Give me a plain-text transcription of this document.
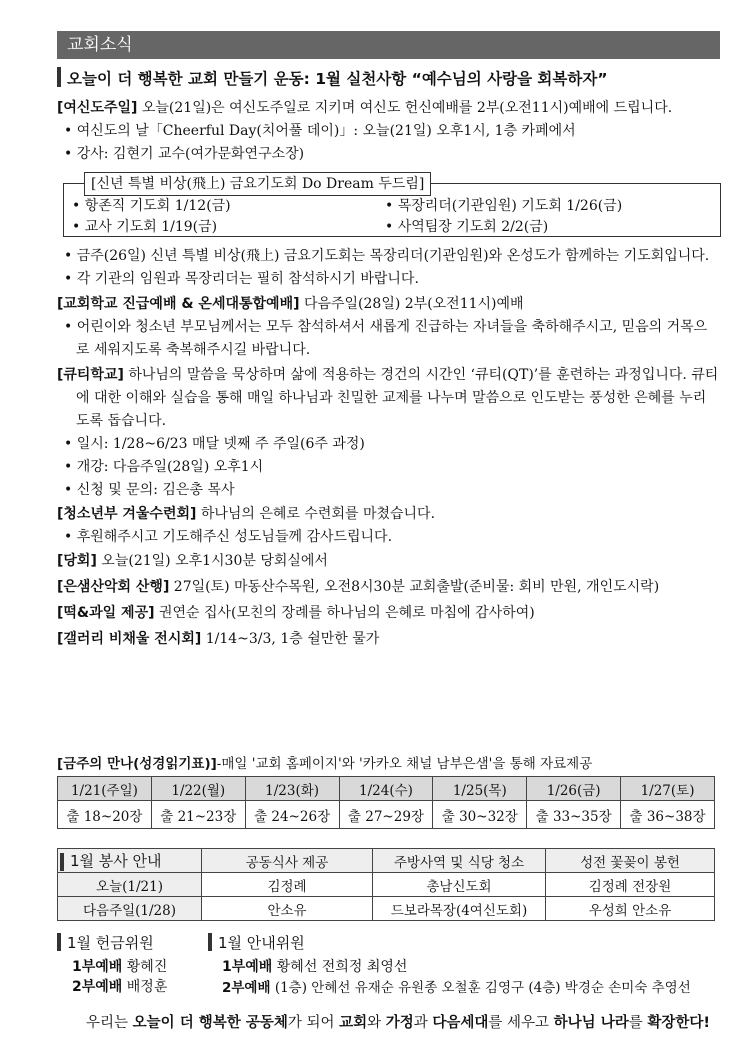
교회소식
오늘이 더 행복한 교회 만들기 운동: 1월 실천사항 “예수님의 사랑을 회복하자”
[여신도주일] 오늘(21일)은 여신도주일로 지키며 여신도 헌신예배를 2부(오전11시)예배에 드립니다.
• 여신도의 날「Cheerful Day(치어풀 데이)」: 오늘(21일) 오후1시, 1층 카페에서
• 강사: 김현기 교수(여가문화연구소장)
[신년 특별 비상(飛上) 금요기도회 Do Dream 두드림]
• 항존직 기도회 1/12(금)	• 목장리더(기관임원) 기도회 1/26(금)
• 교사 기도회 1/19(금)	• 사역팀장 기도회 2/2(금)
• 금주(26일) 신년 특별 비상(飛上) 금요기도회는 목장리더(기관임원)와 온성도가 함께하는 기도회입니다.
• 각 기관의 임원과 목장리더는 필히 참석하시기 바랍니다.
[교회학교 진급예배 & 온세대통합예배] 다음주일(28일) 2부(오전11시)예배
• 어린이와 청소년 부모님께서는 모두 참석하셔서 새롭게 진급하는 자녀들을 축하해주시고, 믿음의 거목으
로 세워지도록 축복해주시길 바랍니다.
[큐티학교] 하나님의 말씀을 묵상하며 삶에 적용하는 경건의 시간인 ‘큐티(QT)’를 훈련하는 과정입니다. 큐티
에 대한 이해와 실습을 통해 매일 하나님과 친밀한 교제를 나누며 말씀으로 인도받는 풍성한 은혜를 누리
도록 돕습니다.
• 일시: 1/28~6/23 매달 넷째 주 주일(6주 과정)
• 개강: 다음주일(28일) 오후1시
• 신청 및 문의: 김은총 목사
[청소년부 겨울수련회] 하나님의 은혜로 수련회를 마쳤습니다.
• 후원해주시고 기도해주신 성도님들께 감사드립니다.
[당회] 오늘(21일) 오후1시30분 당회실에서
[은샘산악회 산행] 27일(토) 마동산수목원, 오전8시30분 교회출발(준비물: 회비 만원, 개인도시락)
[떡&과일 제공] 권연순 집사(모친의 장례를 하나님의 은혜로 마침에 감사하여)
[갤러리 비채울 전시회] 1/14~3/3, 1층 쉴만한 물가
[금주의 만나(성경읽기표)]-매일 '교회 홈페이지'와 '카카오 채널 남부은샘'을 통해 자료제공
1/21(주일)	1/22(월)	1/23(화)	1/24(수)	1/25(목)	1/26(금)	1/27(토)
출 18~20장	출 21~23장	출 24~26장	출 27~29장	출 30~32장	출 33~35장	출 36~38장
1월 봉사 안내	공동식사 제공	주방사역 및 식당 청소	성전 꽃꽂이 봉헌
오늘(1/21)	김정례	총남신도회	김정례 전장원
다음주일(1/28)	안소유	드보라목장(4여신도회)	우성희 안소유
1월 헌금위원
1부예배 황혜진
2부예배 배정훈
1월 안내위원
1부예배 황혜선 전희정 최영선
2부예배 (1층) 안혜선 유재순 유원종 오철훈 김영구 (4층) 박경순 손미숙 추영선
우리는 오늘이 더 행복한 공동체가 되어 교회와 가정과 다음세대를 세우고 하나님 나라를 확장한다!
